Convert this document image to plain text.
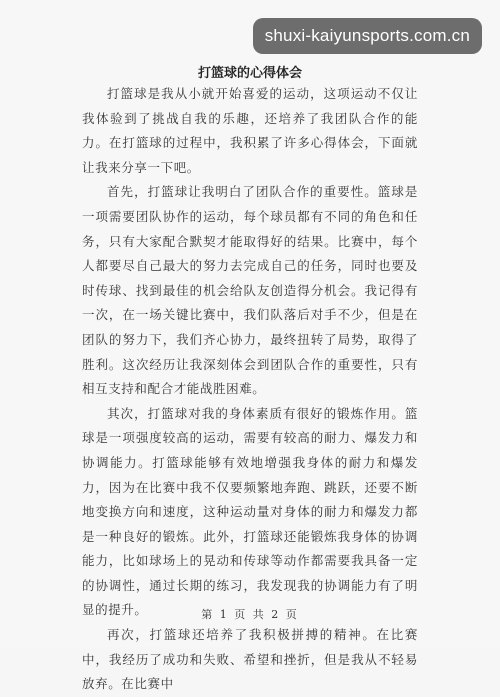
shuxi-kaiyunsports.com.cn
打篮球的心得体会

打篮球是我从小就开始喜爱的运动，这项运动不仅让我体验到了挑战自我的乐趣，还培养了我团队合作的能力。在打篮球的过程中，我积累了许多心得体会，下面就让我来分享一下吧。

首先，打篮球让我明白了团队合作的重要性。篮球是一项需要团队协作的运动，每个球员都有不同的角色和任务，只有大家配合默契才能取得好的结果。比赛中，每个人都要尽自己最大的努力去完成自己的任务，同时也要及时传球、找到最佳的机会给队友创造得分机会。我记得有一次，在一场关键比赛中，我们队落后对手不少，但是在团队的努力下，我们齐心协力，最终扭转了局势，取得了胜利。这次经历让我深刻体会到团队合作的重要性，只有相互支持和配合才能战胜困难。

其次，打篮球对我的身体素质有很好的锻炼作用。篮球是一项强度较高的运动，需要有较高的耐力、爆发力和协调能力。打篮球能够有效地增强我身体的耐力和爆发力，因为在比赛中我不仅要频繁地奔跑、跳跃，还要不断地变换方向和速度，这种运动量对身体的耐力和爆发力都是一种良好的锻炼。此外，打篮球还能锻炼我身体的协调能力，比如球场上的晃动和传球等动作都需要我具备一定的协调性，通过长期的练习，我发现我的协调能力有了明显的提升。

再次，打篮球还培养了我积极拼搏的精神。在比赛中，我经历了成功和失败、希望和挫折，但是我从不轻易放弃。在比赛中

第 1 页 共 2 页
